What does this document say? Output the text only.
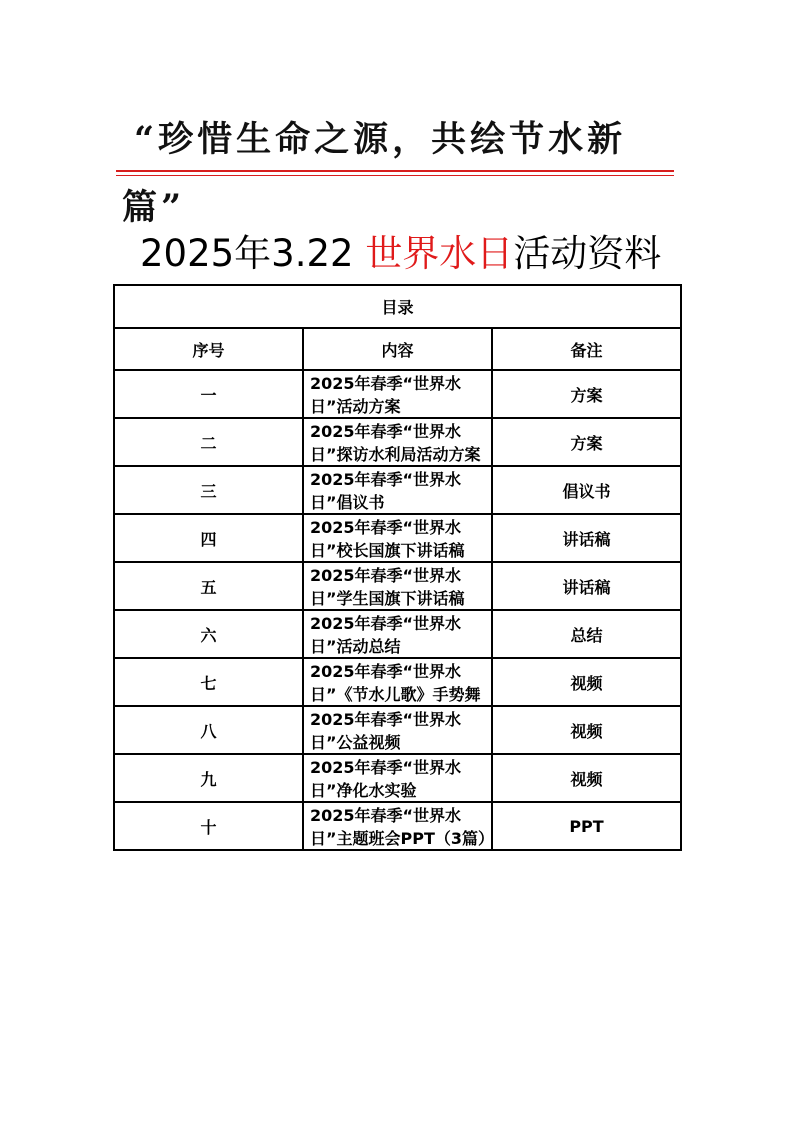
“珍惜生命之源，共绘节水新篇”

2025年3.22 世界水日活动资料
目录		
序号	内容	备注
一	2025年春季“世界水日”活动方案	方案
二	2025年春季“世界水日”探访水利局活动方案	方案
三	2025年春季“世界水日”倡议书	倡议书
四	2025年春季“世界水日”校长国旗下讲话稿	讲话稿
五	2025年春季“世界水日”学生国旗下讲话稿	讲话稿
六	2025年春季“世界水日”活动总结	总结
七	2025年春季“世界水日”《节水儿歌》手势舞	视频
八	2025年春季“世界水日”公益视频	视频
九	2025年春季“世界水日”净化水实验	视频
十	2025年春季“世界水日”主题班会PPT（3篇）	PPT
